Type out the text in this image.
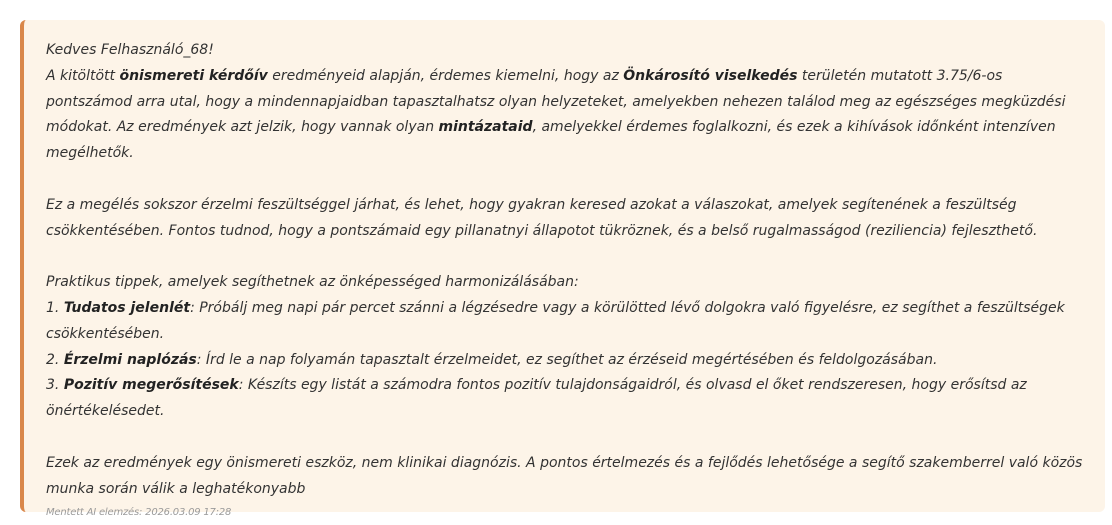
Kedves Felhasználó_68!

A kitöltött önismereti kérdőív eredményeid alapján, érdemes kiemelni, hogy az Önkárosító viselkedés területén mutatott 3.75/6-os pontszámod arra utal, hogy a mindennapjaidban tapasztalhatsz olyan helyzeteket, amelyekben nehezen találod meg az egészséges megküzdési módokat. Az eredmények azt jelzik, hogy vannak olyan mintázataid, amelyekkel érdemes foglalkozni, és ezek a kihívások időnként intenzíven megélhetők.

Ez a megélés sokszor érzelmi feszültséggel járhat, és lehet, hogy gyakran keresed azokat a válaszokat, amelyek segítenének a feszültség csökkentésében. Fontos tudnod, hogy a pontszámaid egy pillanatnyi állapotot tükröznek, és a belső rugalmasságod (reziliencia) fejleszthető.

Praktikus tippek, amelyek segíthetnek az önképességed harmonizálásában:

1. Tudatos jelenlét: Próbálj meg napi pár percet szánni a légzésedre vagy a körülötted lévő dolgokra való figyelésre, ez segíthet a feszültségek csökkentésében.

2. Érzelmi naplózás: Írd le a nap folyamán tapasztalt érzelmeidet, ez segíthet az érzéseid megértésében és feldolgozásában.

3. Pozitív megerősítések: Készíts egy listát a számodra fontos pozitív tulajdonságaidról, és olvasd el őket rendszeresen, hogy erősítsd az önértékelésedet.

Ezek az eredmények egy önismereti eszköz, nem klinikai diagnózis. A pontos értelmezés és a fejlődés lehetősége a segítő szakemberrel való közös munka során válik a leghatékonyabb

Mentett AI elemzés: 2026.03.09 17:28
